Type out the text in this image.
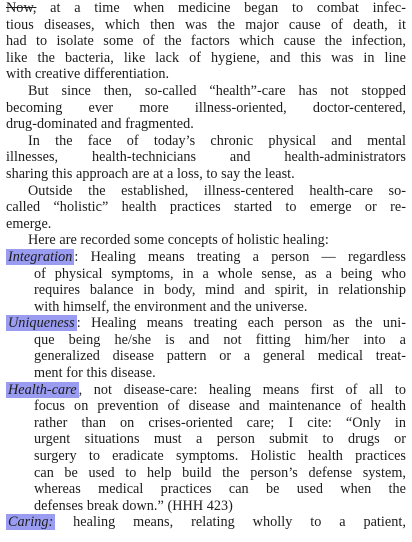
Now, at a time when medicine began to combat infec-
tious diseases, which then was the major cause of death, it
had to isolate some of the factors which cause the infection,
like the bacteria, like lack of hygiene, and this was in line
with creative differentiation.
But since then, so-called “health”-care has not stopped
becoming ever more illness-oriented, doctor-centered,
drug-dominated and fragmented.
In the face of today’s chronic physical and mental
illnesses, health-technicians and health-administrators
sharing this approach are at a loss, to say the least.
Outside the established, illness-centered health-care so-
called “holistic” health practices started to emerge or re-
emerge.
Here are recorded some concepts of holistic healing:
Integration : Healing means treating a person — regardless
of physical symptoms, in a whole sense, as a being who
requires balance in body, mind and spirit, in relationship
with himself, the environment and the universe.
Uniqueness : Healing means treating each person as the uni-
que being he/she is and not fitting him/her into a
generalized disease pattern or a general medical treat-
ment for this disease.
Health-care , not disease-care: healing means first of all to
focus on prevention of disease and maintenance of health
rather than on crises-oriented care; I cite: “Only in
urgent situations must a person submit to drugs or
surgery to eradicate symptoms. Holistic health practices
can be used to help build the person’s defense system,
whereas medical practices can be used when the
defenses break down.” (HHH 423)
Caring: healing means, relating wholly to a patient,
